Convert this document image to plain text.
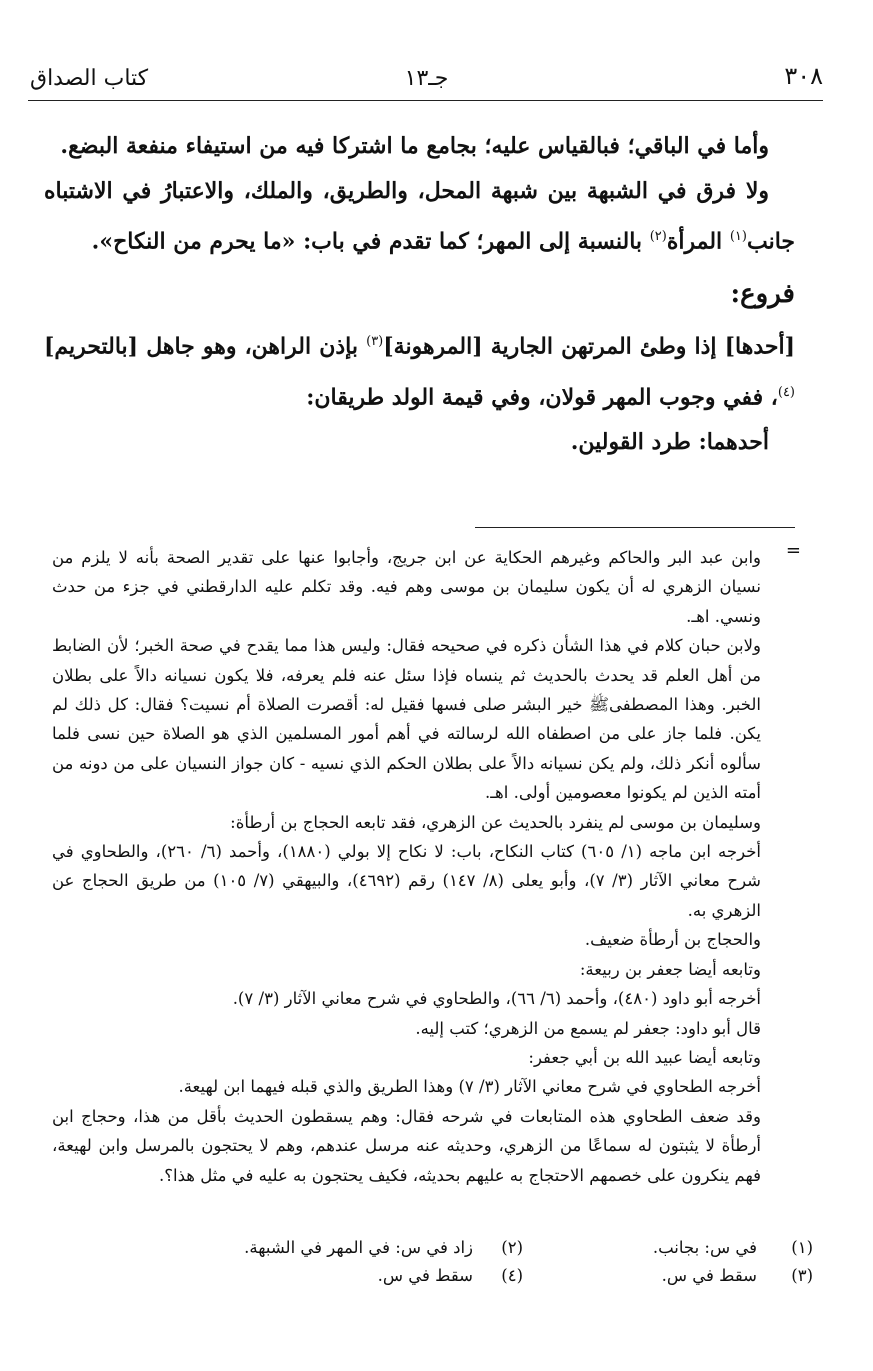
٣٠٨
جـ١٣
كتاب الصداق

وأما في الباقي؛ فبالقياس عليه؛ بجامع ما اشتركا فيه من استيفاء منفعة البضع.

ولا فرق في الشبهة بين شبهة المحل، والطريق، والملك، والاعتبارُ في الاشتباه جانب$^{(١)}$ المرأة$^{(٢)}$ بالنسبة إلى المهر؛ كما تقدم في باب: «ما يحرم من النكاح».

فروع:

[أحدها] إذا وطئ المرتهن الجارية [المرهونة]$^{(٣)}$ بإذن الراهن، وهو جاهل [بالتحريم]$^{(٤)}$، ففي وجوب المهر قولان، وفي قيمة الولد طريقان:

أحدهما: طرد القولين.

=

وابن عبد البر والحاكم وغيرهم الحكاية عن ابن جريج، وأجابوا عنها على تقدير الصحة بأنه لا يلزم من نسيان الزهري له أن يكون سليمان بن موسى وهم فيه. وقد تكلم عليه الدارقطني في جزء من حدث ونسي. اهـ.

ولابن حبان كلام في هذا الشأن ذكره في صحيحه فقال: وليس هذا مما يقدح في صحة الخبر؛ لأن الضابط من أهل العلم قد يحدث بالحديث ثم ينساه فإذا سئل عنه فلم يعرفه، فلا يكون نسيانه دالاً على بطلان الخبر. وهذا المصطفىﷺ خير البشر صلى فسها فقيل له: أقصرت الصلاة أم نسيت؟ فقال: كل ذلك لم يكن. فلما جاز على من اصطفاه الله لرسالته في أهم أمور المسلمين الذي هو الصلاة حين نسى فلما سألوه أنكر ذلك، ولم يكن نسيانه دالاً على بطلان الحكم الذي نسيه - كان جواز النسيان على من دونه من أمته الذين لم يكونوا معصومين أولى. اهـ.

وسليمان بن موسى لم ينفرد بالحديث عن الزهري، فقد تابعه الحجاج بن أرطأة:

أخرجه ابن ماجه (١/ ٦٠٥) كتاب النكاح، باب: لا نكاح إلا بولي (١٨٨٠)، وأحمد (٦/ ٢٦٠)، والطحاوي في شرح معاني الآثار (٣/ ٧)، وأبو يعلى (٨/ ١٤٧) رقم (٤٦٩٢)، والبيهقي (٧/ ١٠٥) من طريق الحجاج عن الزهري به.

والحجاج بن أرطأة ضعيف.

وتابعه أيضا جعفر بن ربيعة:

أخرجه أبو داود (٤٨٠)، وأحمد (٦/ ٦٦)، والطحاوي في شرح معاني الآثار (٣/ ٧).

قال أبو داود: جعفر لم يسمع من الزهري؛ كتب إليه.

وتابعه أيضا عبيد الله بن أبي جعفر:

أخرجه الطحاوي في شرح معاني الآثار (٣/ ٧) وهذا الطريق والذي قبله فيهما ابن لهيعة.

وقد ضعف الطحاوي هذه المتابعات في شرحه فقال: وهم يسقطون الحديث بأقل من هذا، وحجاج ابن أرطأة لا يثبتون له سماعًا من الزهري، وحديثه عنه مرسل عندهم، وهم لا يحتجون بالمرسل وابن لهيعة، فهم ينكرون على خصمهم الاحتجاج به عليهم بحديثه، فكيف يحتجون به عليه في مثل هذا؟.

(١)
في س: بجانب.
(٢)
زاد في س: في المهر في الشبهة.
(٣)
سقط في س.
(٤)
سقط في س.
